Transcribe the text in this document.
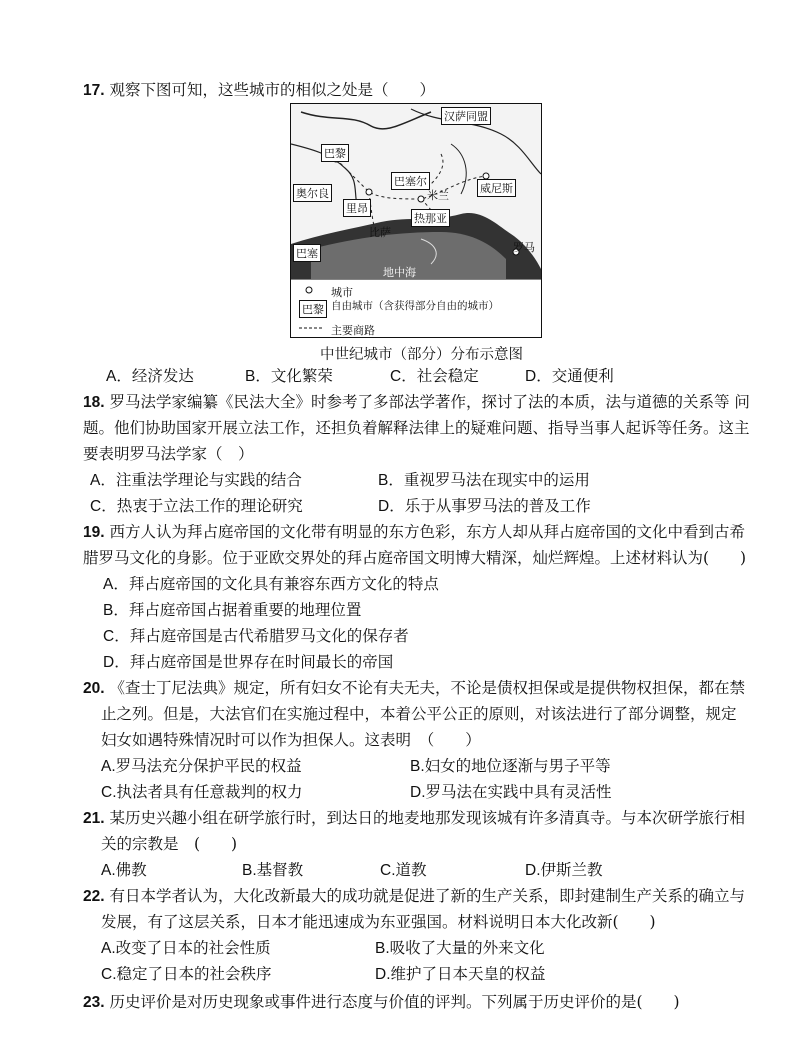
17. 观察下图可知，这些城市的相似之处是（　　）
汉萨同盟
巴黎
奥尔良
巴塞尔
里昂
米兰
威尼斯
热那亚
比萨
巴塞	罗马
地中海
城市
巴黎 自由城市（含获得部分自由的城市）
主要商路
中世纪城市（部分）分布示意图
A．经济发达	B．文化繁荣	C．社会稳定	D．交通便利
18. 罗马法学家编纂《民法大全》时参考了多部法学著作，探讨了法的本质，法与道德的关系等 问
题。他们协助国家开展立法工作，还担负着解释法律上的疑难问题、指导当事人起诉等任务。这主
要表明罗马法学家（　）
A．注重法学理论与实践的结合	B．重视罗马法在现实中的运用
C．热衷于立法工作的理论研究	D．乐于从事罗马法的普及工作
19. 西方人认为拜占庭帝国的文化带有明显的东方色彩，东方人却从拜占庭帝国的文化中看到古希
腊罗马文化的身影。位于亚欧交界处的拜占庭帝国文明博大精深，灿烂辉煌。上述材料认为(　　)
A．拜占庭帝国的文化具有兼容东西方文化的特点
B．拜占庭帝国占据着重要的地理位置
C．拜占庭帝国是古代希腊罗马文化的保存者
D．拜占庭帝国是世界存在时间最长的帝国
20. 《查士丁尼法典》规定，所有妇女不论有夫无夫，不论是债权担保或是提供物权担保，都在禁
止之列。但是，大法官们在实施过程中，本着公平公正的原则，对该法进行了部分调整，规定
妇女如遇特殊情况时可以作为担保人。这表明　（　　）
A.罗马法充分保护平民的权益	B.妇女的地位逐渐与男子平等
C.执法者具有任意裁判的权力	D.罗马法在实践中具有灵活性
21. 某历史兴趣小组在研学旅行时，到达日的地麦地那发现该城有许多清真寺。与本次研学旅行相
关的宗教是　(　　)
A.佛教	B.基督教	C.道教	D.伊斯兰教
22. 有日本学者认为，大化改新最大的成功就是促进了新的生产关系，即封建制生产关系的确立与
发展，有了这层关系，日本才能迅速成为东亚强国。材料说明日本大化改新(　　)
A.改变了日本的社会性质	B.吸收了大量的外来文化
C.稳定了日本的社会秩序	D.维护了日本天皇的权益
23. 历史评价是对历史现象或事件进行态度与价值的评判。下列属于历史评价的是(　　)
